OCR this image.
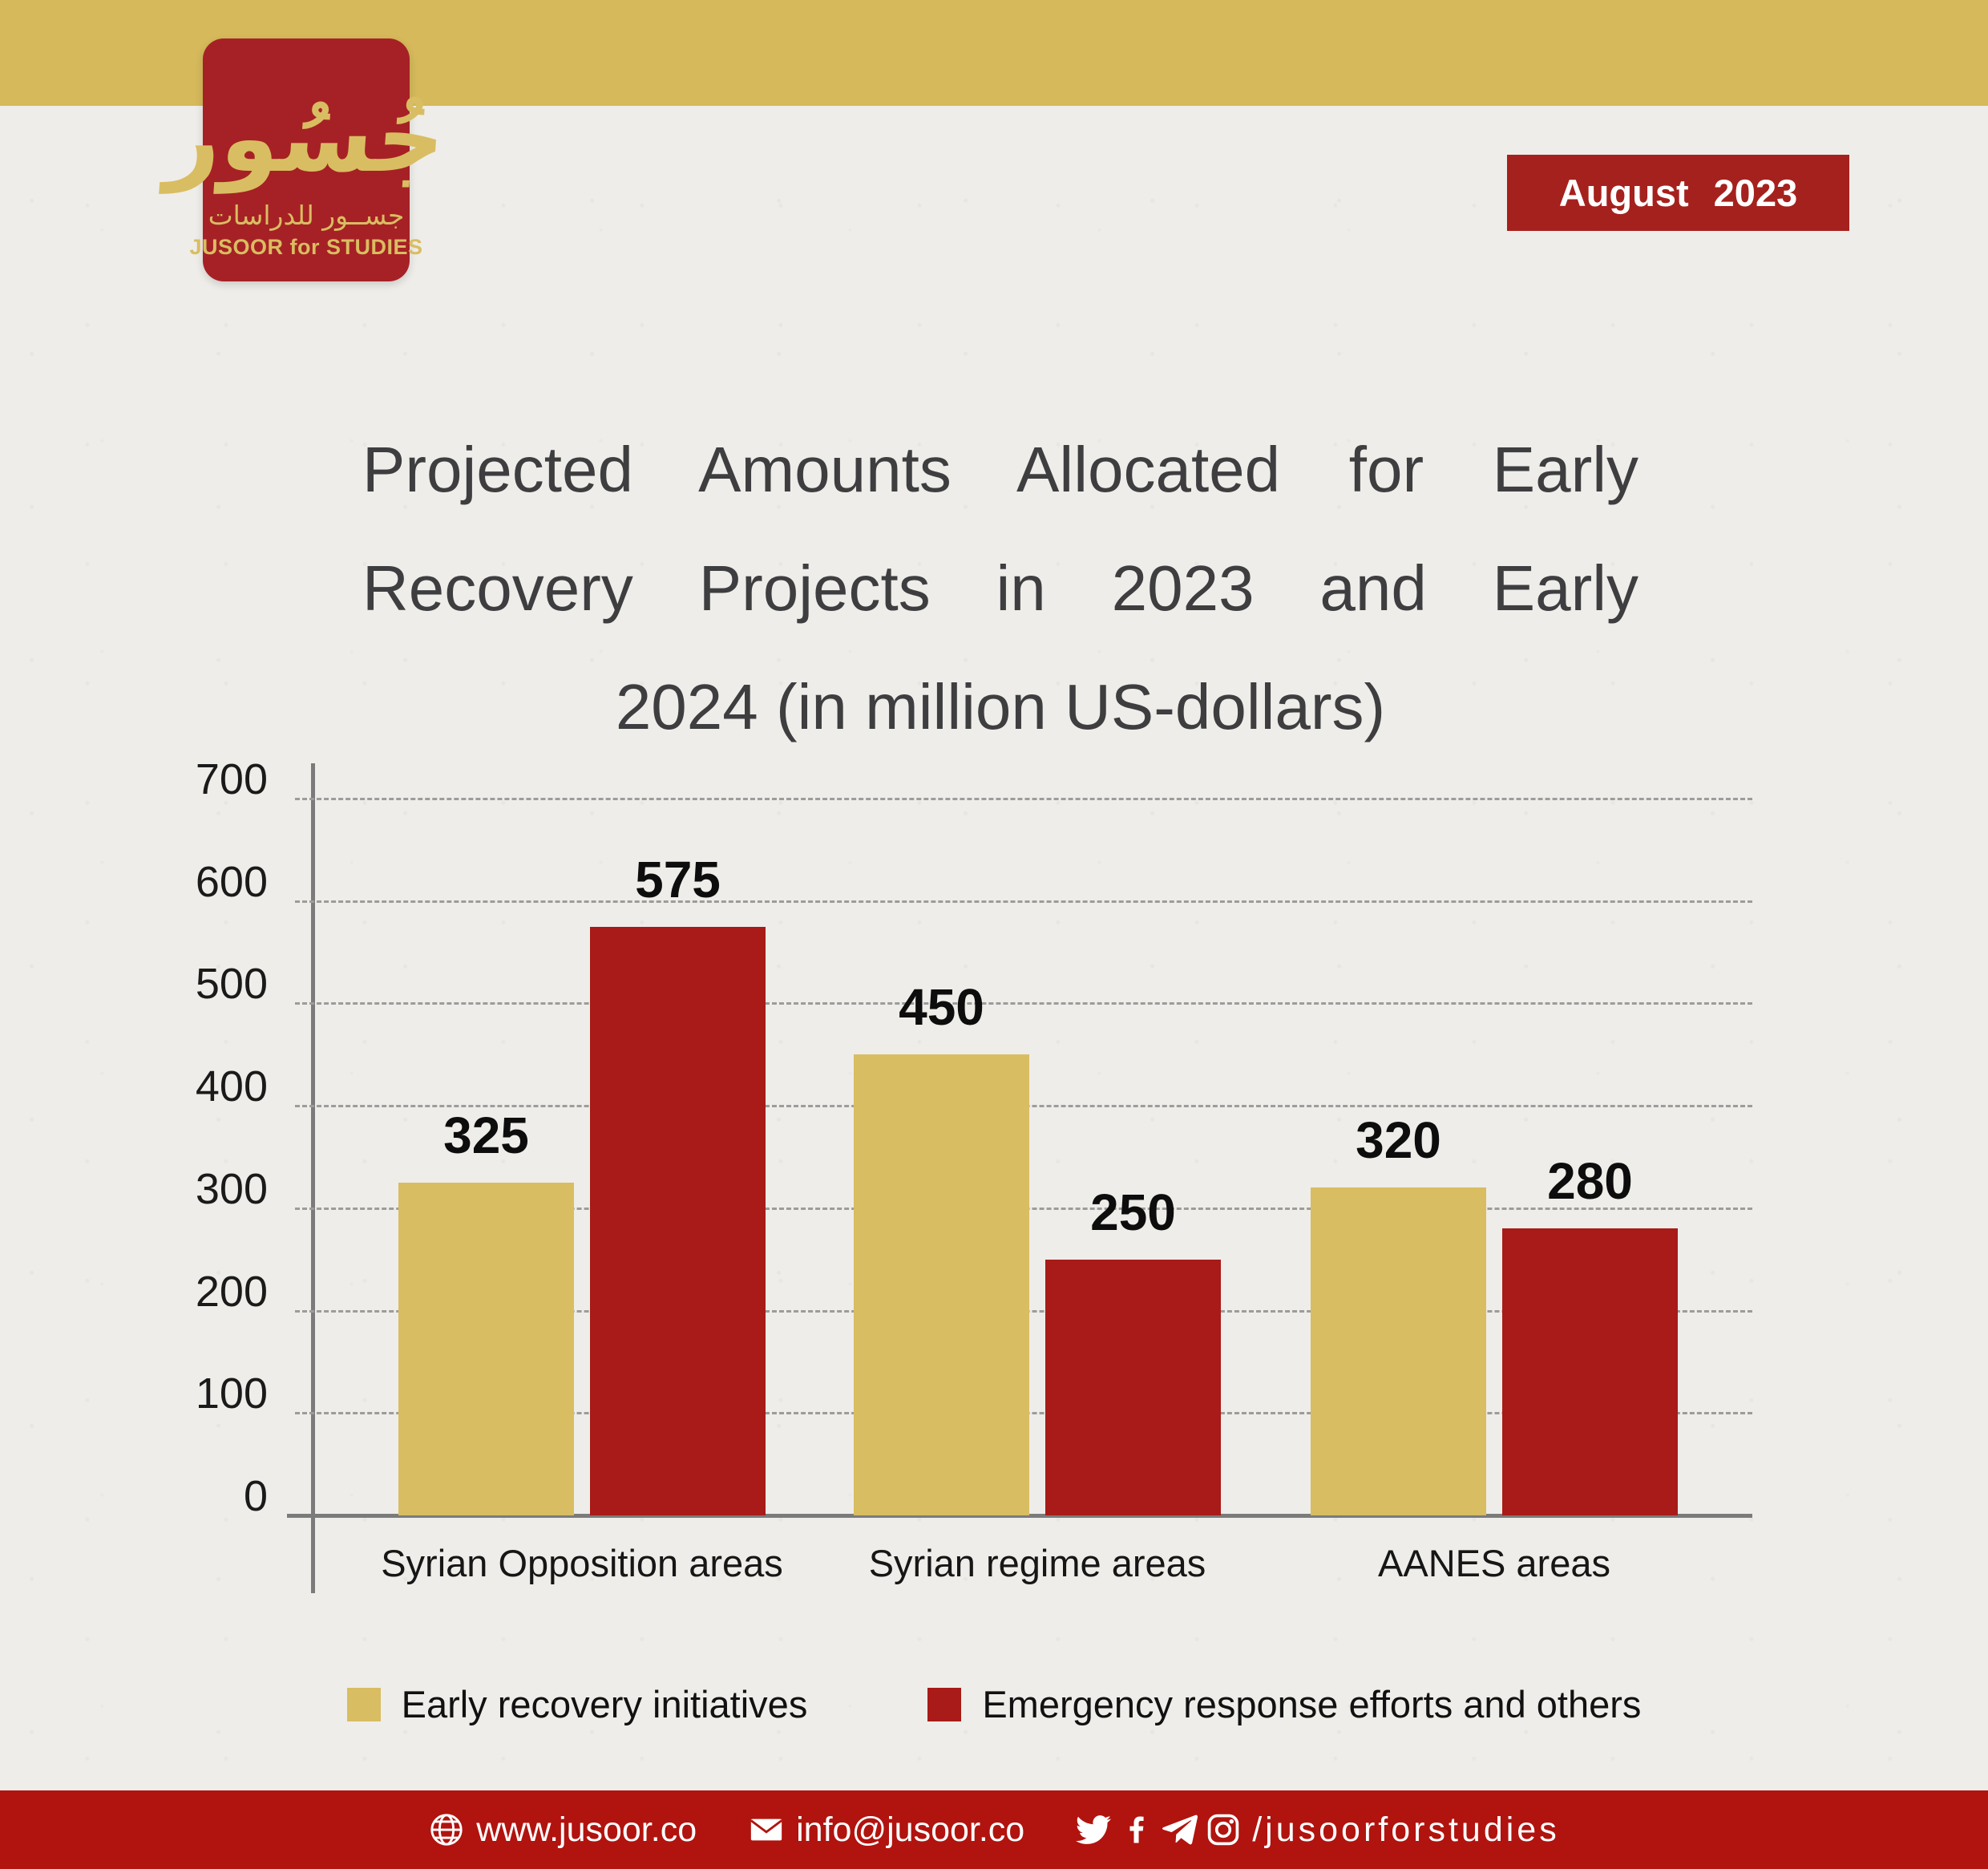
جُسُور
جســور للدراسات
JUSOOR for STUDIES
August 2023
Projected Amounts Allocated for Early
Recovery Projects in 2023 and Early
2024 (in million US-dollars)
0
100
200
300
400
500
600
700
325
450
320
575
250
280
Syrian Opposition areas	Syrian regime areas	AANES areas
Early recovery initiatives	Emergency response efforts and others
www.jusoor.co	info@jusoor.co	/jusoorforstudies
